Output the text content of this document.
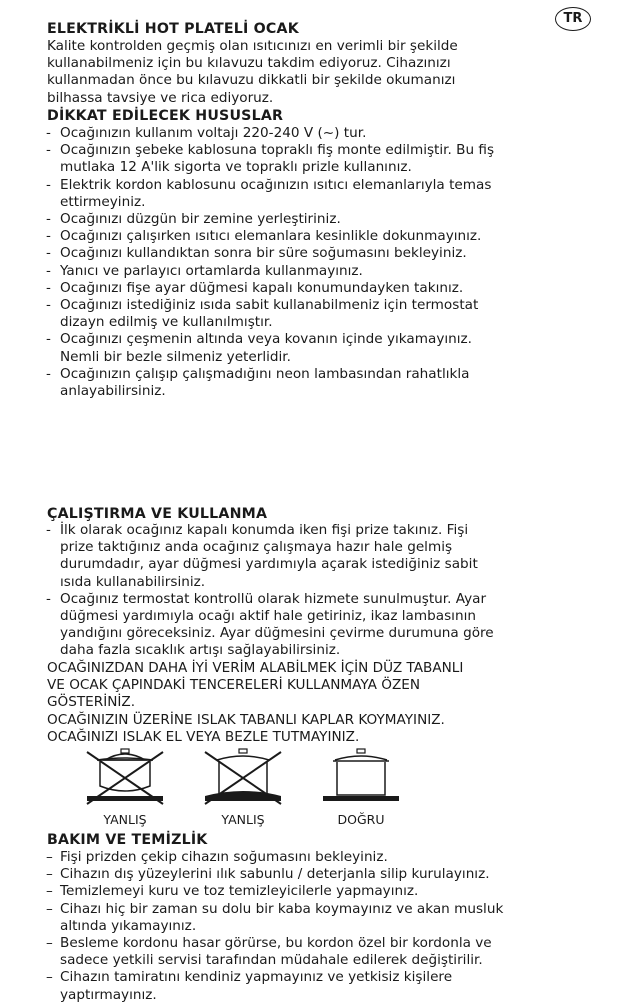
TR
ELEKTRİKLİ HOT PLATELİ OCAK
Kalite kontrolden geçmiş olan ısıtıcınızı en verimli bir şekilde
kullanabilmeniz için bu kılavuzu takdim ediyoruz. Cihazınızı
kullanmadan önce bu kılavuzu dikkatli bir şekilde okumanızı
bilhassa tavsiye ve rica ediyoruz.
DİKKAT EDİLECEK HUSUSLAR
- Ocağınızın kullanım voltajı 220-240 V (~) tur.
- Ocağınızın şebeke kablosuna topraklı fiş monte edilmiştir. Bu fiş
mutlaka 12 A'lik sigorta ve topraklı prizle kullanınız.
- Elektrik kordon kablosunu ocağınızın ısıtıcı elemanlarıyla temas
ettirmeyiniz.
- Ocağınızı düzgün bir zemine yerleştiriniz.
- Ocağınızı çalışırken ısıtıcı elemanlara kesinlikle dokunmayınız.
- Ocağınızı kullandıktan sonra bir süre soğumasını bekleyiniz.
- Yanıcı ve parlayıcı ortamlarda kullanmayınız.
- Ocağınızı fişe ayar düğmesi kapalı konumundayken takınız.
- Ocağınızı istediğiniz ısıda sabit kullanabilmeniz için termostat
dizayn edilmiş ve kullanılmıştır.
- Ocağınızı çeşmenin altında veya kovanın içinde yıkamayınız.
Nemli bir bezle silmeniz yeterlidir.
- Ocağınızın çalışıp çalışmadığını neon lambasından rahatlıkla
anlayabilirsiniz.
ÇALIŞTIRMA VE KULLANMA
- İlk olarak ocağınız kapalı konumda iken fişi prize takınız. Fişi
prize taktığınız anda ocağınız çalışmaya hazır hale gelmiş
durumdadır, ayar düğmesi yardımıyla açarak istediğiniz sabit
ısıda kullanabilirsiniz.
- Ocağınız termostat kontrollü olarak hizmete sunulmuştur. Ayar
düğmesi yardımıyla ocağı aktif hale getiriniz, ikaz lambasının
yandığını göreceksiniz. Ayar düğmesini çevirme durumuna göre
daha fazla sıcaklık artışı sağlayabilirsiniz.
OCAĞINIZDAN DAHA İYİ VERİM ALABİLMEK İÇİN DÜZ TABANLI
VE OCAK ÇAPINDAKİ TENCERELERİ KULLANMAYA ÖZEN
GÖSTERİNİZ.
OCAĞINIZIN ÜZERİNE ISLAK TABANLI KAPLAR KOYMAYINIZ.
OCAĞINIZI ISLAK EL VEYA BEZLE TUTMAYINIZ.
YANLIŞ	YANLIŞ	DOĞRU
BAKIM VE TEMİZLİK
– Fişi prizden çekip cihazın soğumasını bekleyiniz.
– Cihazın dış yüzeylerini ılık sabunlu / deterjanla silip kurulayınız.
– Temizlemeyi kuru ve toz temizleyicilerle yapmayınız.
– Cihazı hiç bir zaman su dolu bir kaba koymayınız ve akan musluk
altında yıkamayınız.
– Besleme kordonu hasar görürse, bu kordon özel bir kordonla ve
sadece yetkili servisi tarafından müdahale edilerek değiştirilir.
– Cihazın tamiratını kendiniz yapmayınız ve yetkisiz kişilere
yaptırmayınız.
